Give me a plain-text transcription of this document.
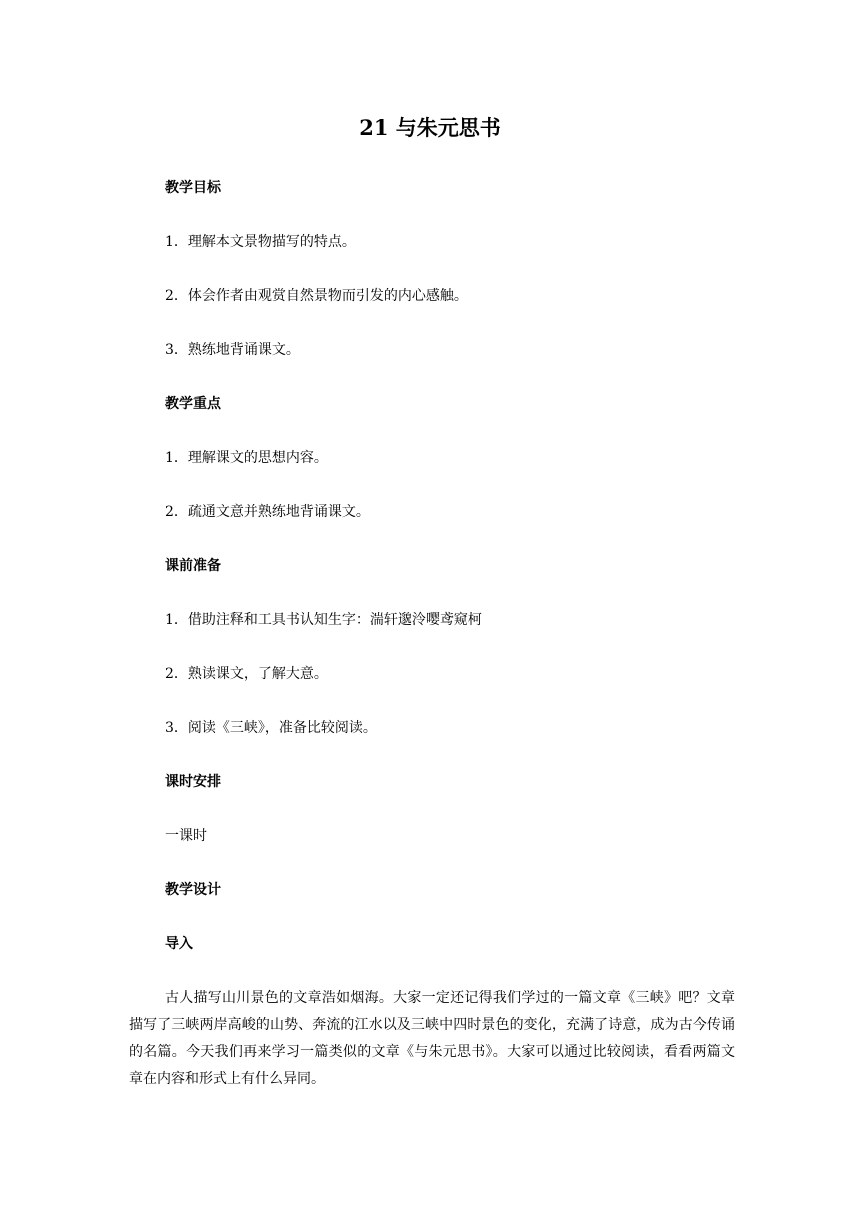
21 与朱元思书
教学目标
1．理解本文景物描写的特点。
2．体会作者由观赏自然景物而引发的内心感触。
3．熟练地背诵课文。
教学重点
1．理解课文的思想内容。
2．疏通文意并熟练地背诵课文。
课前准备
1．借助注释和工具书认知生字：湍轩邈泠嘤鸢窥柯
2．熟读课文，了解大意。
3．阅读《三峡》，准备比较阅读。
课时安排
一课时
教学设计
导入
古人描写山川景色的文章浩如烟海。大家一定还记得我们学过的一篇文章《三峡》吧？文章描写了三峡两岸高峻的山势、奔流的江水以及三峡中四时景色的变化，充满了诗意，成为古今传诵的名篇。今天我们再来学习一篇类似的文章《与朱元思书》。大家可以通过比较阅读，看看两篇文章在内容和形式上有什么异同。
